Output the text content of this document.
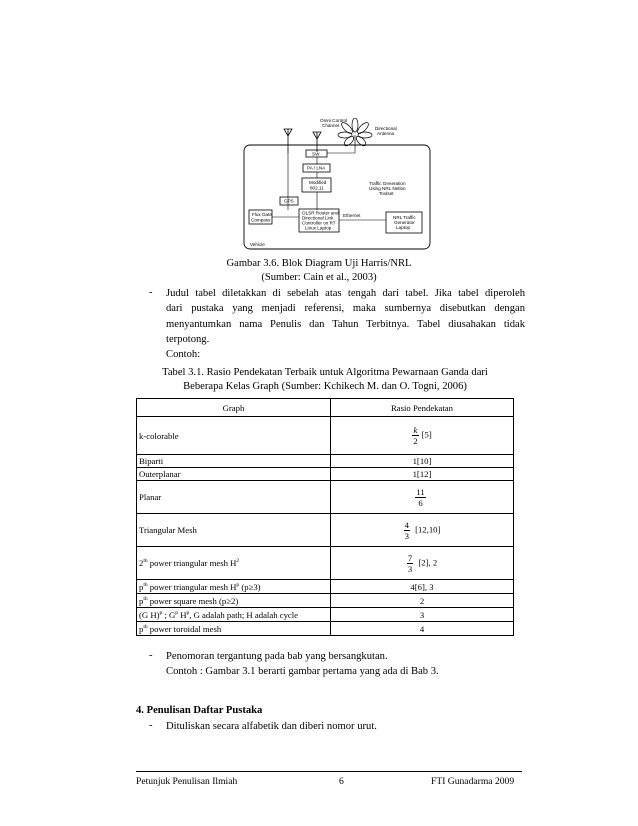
Vehicle
Omni Control
Channel
Directional
Antenna
SW
PA / LNA
Modified
802.11
GPS
Flux Gate
Compass
OLSR Router and
Directional Link
Controller on RT
Linux Laptop
Ethernet	NRL Traffic
Generator
Laptop
Traffic Generation
Using NRL Netlon
Toolset
Gambar 3.6. Blok Diagram Uji Harris/NRL
(Sumber: Cain et al., 2003)
- Judul tabel diletakkan di sebelah atas tengah dari tabel. Jika tabel diperoleh
dari pustaka yang menjadi referensi, maka sumbernya disebutkan dengan
menyantumkan nama Penulis dan Tahun Terbitnya. Tabel diusahakan tidak
terpotong.
Contoh:
Tabel 3.1. Rasio Pendekatan Terbaik untuk Algoritma Pewarnaan Ganda dari
Beberapa Kelas Graph (Sumber: Kchikech M. dan O. Togni, 2006)
Graph	Rasio Pendekatan
k-colorable	$\frac{k}{2} [5]$
Biparti	1[10]
Outerplanar	1[12]
Planar	$\frac{11}{6}$

Triangular Mesh	$\frac{4}{3} [12,10]$
2th power triangular mesh $H^2$	$\frac{7}{3} [2]$, 2
$p^{th}$ power triangular mesh $H^p$ (p≥3)	4[6], 3
$p^{th}$ power square mesh (p≥2)	2
(G H)$^p$ ; $G^p$ $H^p$, G adalah path; H adalah cycle	3
$p^{th}$ power toroidal mesh	4
- Penomoran tergantung pada bab yang bersangkutan.
Contoh : Gambar 3.1 berarti gambar pertama yang ada di Bab 3.
4. Penulisan Daftar Pustaka
- Dituliskan secara alfabetik dan diberi nomor urut.
Petunjuk Penulisan Ilmiah	6	FTI Gunadarma 2009
